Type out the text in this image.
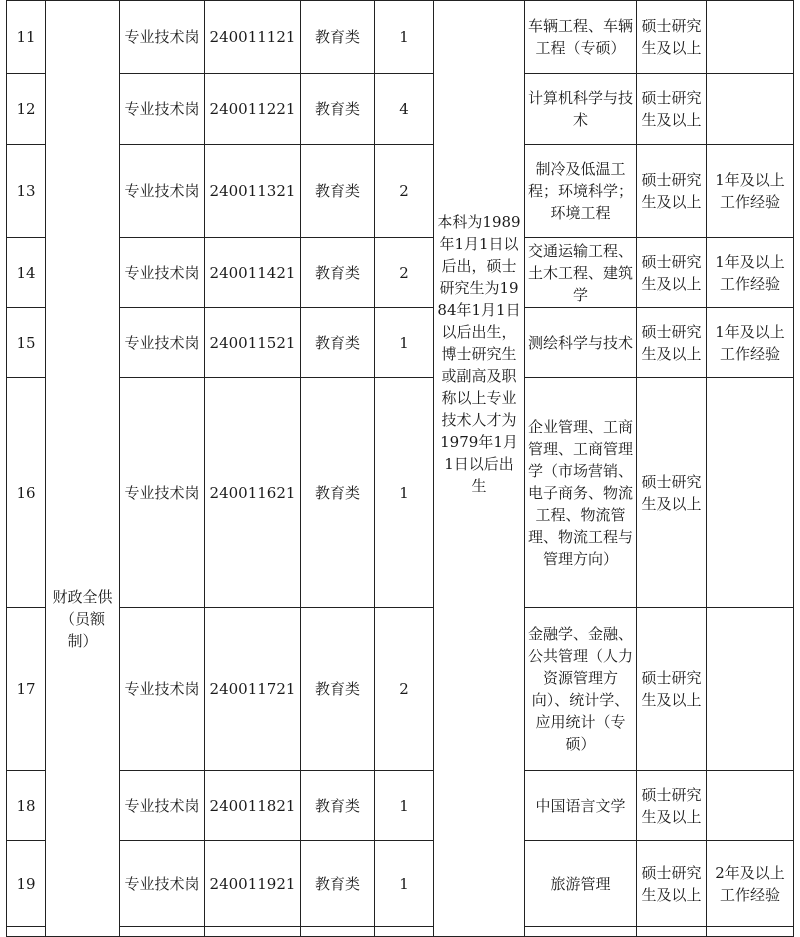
11	财政全供（员额制）	专业技术岗	240011121	教育类	1	本科为1989年1月1日以后出，硕士研究生为1984年1月1日以后出生，博士研究生或副高及职称以上专业技术人才为1979年1月1日以后出生	车辆工程、车辆工程（专硕）	硕士研究生及以上	
12		专业技术岗	240011221	教育类	4		计算机科学与技术	硕士研究生及以上	
13		专业技术岗	240011321	教育类	2		制冷及低温工程；环境科学；环境工程	硕士研究生及以上	1年及以上工作经验
14		专业技术岗	240011421	教育类	2		交通运输工程、土木工程、建筑学	硕士研究生及以上	1年及以上工作经验
15		专业技术岗	240011521	教育类	1		测绘科学与技术	硕士研究生及以上	1年及以上工作经验
16		专业技术岗	240011621	教育类	1		企业管理、工商管理、工商管理学（市场营销、电子商务、物流工程、物流管理、物流工程与管理方向）	硕士研究生及以上	
17		专业技术岗	240011721	教育类	2		金融学、金融、公共管理（人力资源管理方向）、统计学、应用统计（专硕）	硕士研究生及以上	
18		专业技术岗	240011821	教育类	1		中国语言文学	硕士研究生及以上	
19		专业技术岗	240011921	教育类	1		旅游管理	硕士研究生及以上	2年及以上工作经验
